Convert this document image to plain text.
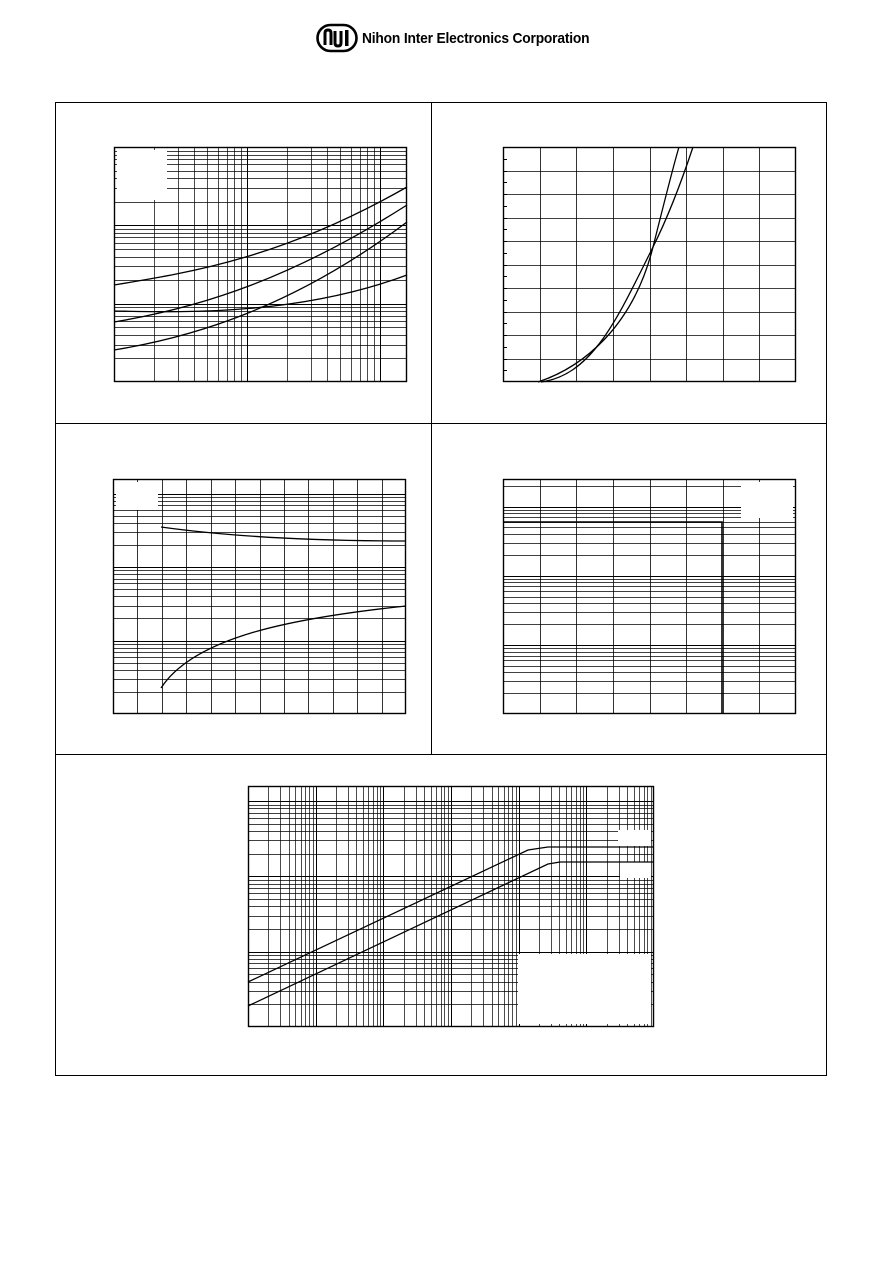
Nihon Inter Electronics Corporation
